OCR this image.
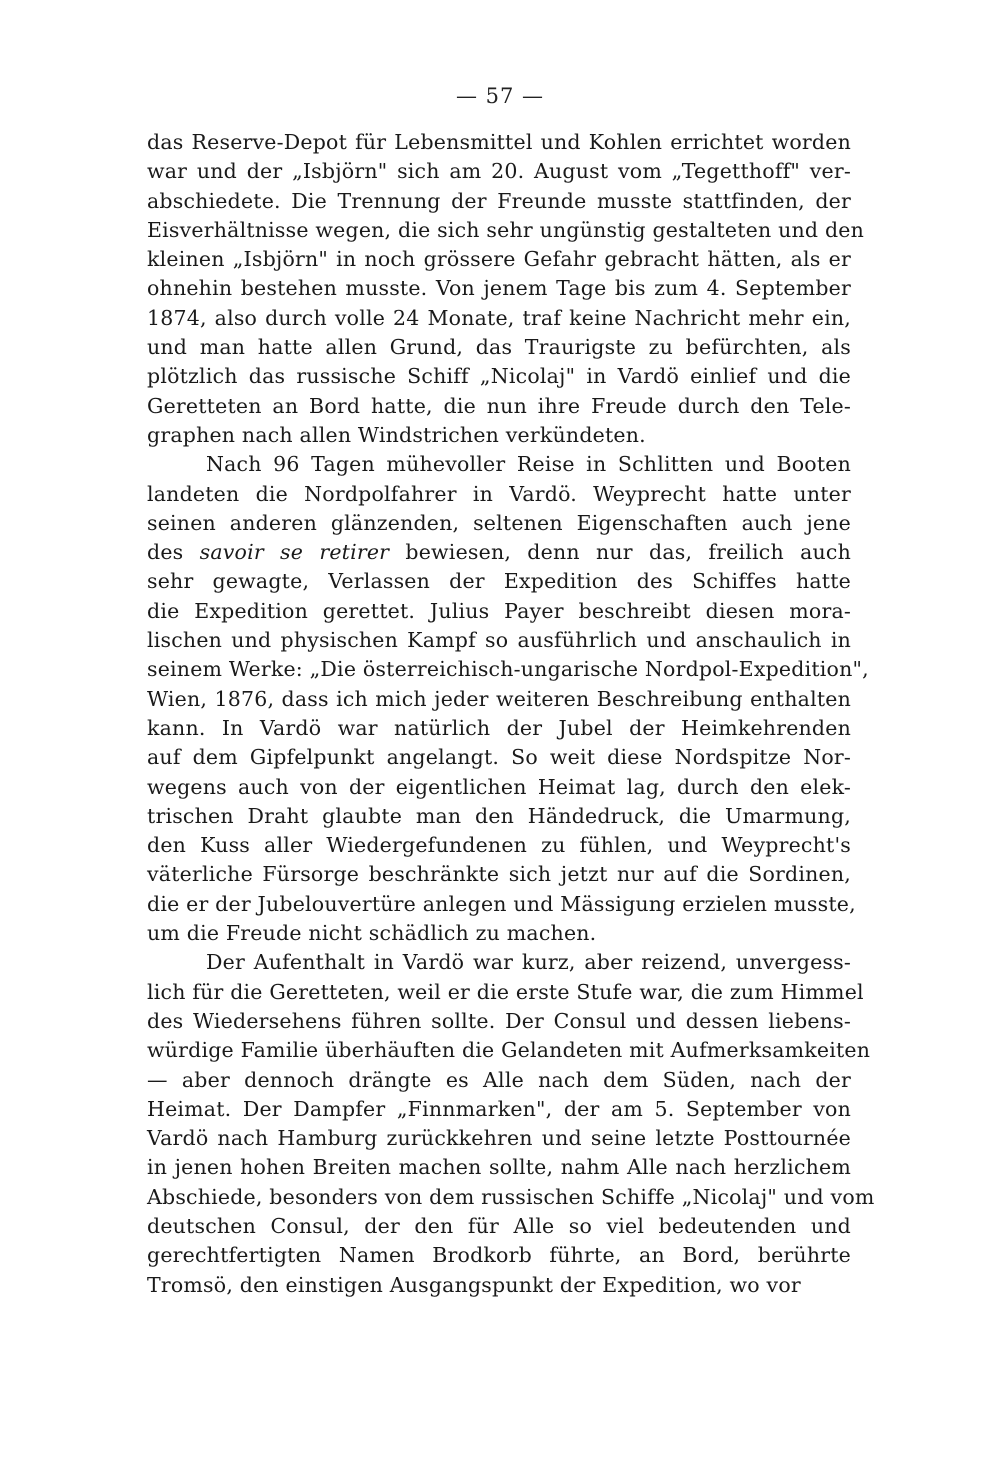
— 57 —
das Reserve-Depot für Lebensmittel und Kohlen errichtet worden
war und der „Isbjörn" sich am 20. August vom „Tegetthoff" ver-
abschiedete. Die Trennung der Freunde musste stattfinden, der
Eisverhältnisse wegen, die sich sehr ungünstig gestalteten und den
kleinen „Isbjörn" in noch grössere Gefahr gebracht hätten, als er
ohnehin bestehen musste. Von jenem Tage bis zum 4. September
1874, also durch volle 24 Monate, traf keine Nachricht mehr ein,
und man hatte allen Grund, das Traurigste zu befürchten, als
plötzlich das russische Schiff „Nicolaj" in Vardö einlief und die
Geretteten an Bord hatte, die nun ihre Freude durch den Tele-
graphen nach allen Windstrichen verkündeten.
Nach 96 Tagen mühevoller Reise in Schlitten und Booten
landeten die Nordpolfahrer in Vardö. Weyprecht hatte unter
seinen anderen glänzenden, seltenen Eigenschaften auch jene
des savoir se retirer bewiesen, denn nur das, freilich auch
sehr gewagte, Verlassen der Expedition des Schiffes hatte
die Expedition gerettet. Julius Payer beschreibt diesen mora-
lischen und physischen Kampf so ausführlich und anschaulich in
seinem Werke: „Die österreichisch-ungarische Nordpol-Expedition",
Wien, 1876, dass ich mich jeder weiteren Beschreibung enthalten
kann. In Vardö war natürlich der Jubel der Heimkehrenden
auf dem Gipfelpunkt angelangt. So weit diese Nordspitze Nor-
wegens auch von der eigentlichen Heimat lag, durch den elek-
trischen Draht glaubte man den Händedruck, die Umarmung,
den Kuss aller Wiedergefundenen zu fühlen, und Weyprecht's
väterliche Fürsorge beschränkte sich jetzt nur auf die Sordinen,
die er der Jubelouvertüre anlegen und Mässigung erzielen musste,
um die Freude nicht schädlich zu machen.
Der Aufenthalt in Vardö war kurz, aber reizend, unvergess-
lich für die Geretteten, weil er die erste Stufe war, die zum Himmel
des Wiedersehens führen sollte. Der Consul und dessen liebens-
würdige Familie überhäuften die Gelandeten mit Aufmerksamkeiten
— aber dennoch drängte es Alle nach dem Süden, nach der
Heimat. Der Dampfer „Finnmarken", der am 5. September von
Vardö nach Hamburg zurückkehren und seine letzte Posttournée
in jenen hohen Breiten machen sollte, nahm Alle nach herzlichem
Abschiede, besonders von dem russischen Schiffe „Nicolaj" und vom
deutschen Consul, der den für Alle so viel bedeutenden und
gerechtfertigten Namen Brodkorb führte, an Bord, berührte
Tromsö, den einstigen Ausgangspunkt der Expedition, wo vor
